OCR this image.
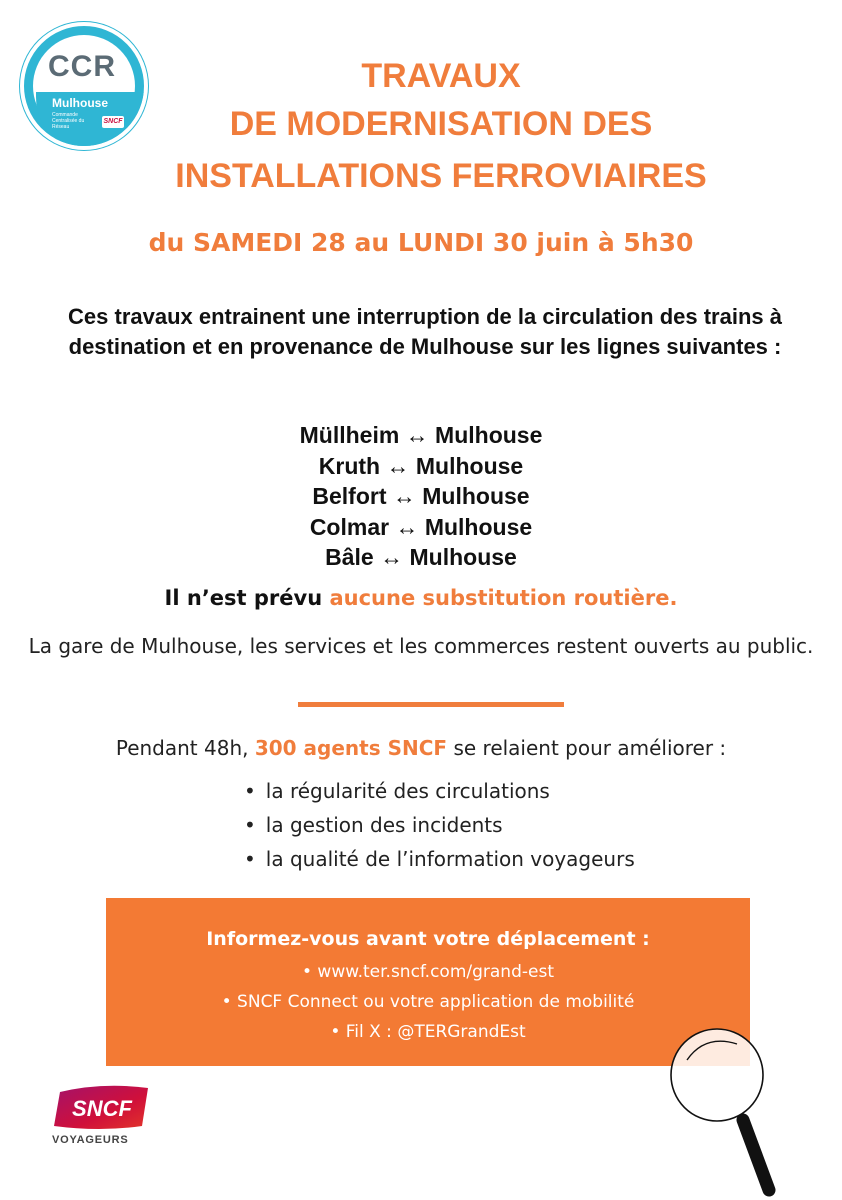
CCR
Mulhouse
Commande Centralisée du Réseau
SNCF
TRAVAUX
DE MODERNISATION DES
INSTALLATIONS FERROVIAIRES
du SAMEDI 28 au LUNDI 30 juin à 5h30
Ces travaux entrainent une interruption de la circulation des trains à destination et en provenance de Mulhouse sur les lignes suivantes :
Müllheim ↔ Mulhouse
Kruth ↔ Mulhouse
Belfort ↔ Mulhouse
Colmar ↔ Mulhouse
Bâle ↔ Mulhouse
Il n’est prévu aucune substitution routière.
La gare de Mulhouse, les services et les commerces restent ouverts au public.
Pendant 48h, 300 agents SNCF se relaient pour améliorer :
• la régularité des circulations
• la gestion des incidents
• la qualité de l’information voyageurs
Informez-vous avant votre déplacement :
• www.ter.sncf.com/grand-est
• SNCF Connect ou votre application de mobilité
• Fil X : @TERGrandEst
SNCF
VOYAGEURS
